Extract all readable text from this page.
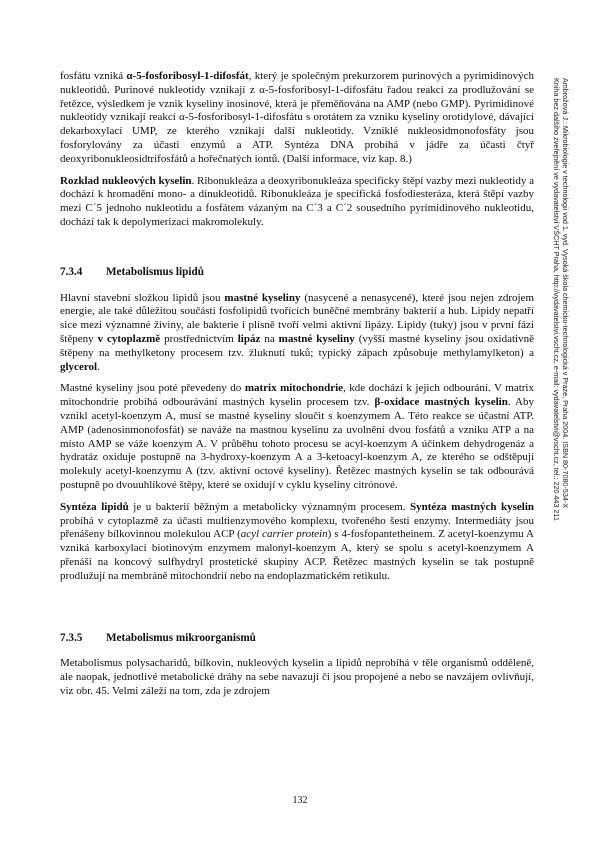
fosfátu vzniká α-5-fosforibosyl-1-difosfát, který je společným prekurzorem purinových a pyrimidinových nukleotidů. Purinové nukleotidy vznikají z α-5-fosforibosyl-1-difosfátu řadou reakcí za prodlužování se řetězce, výsledkem je vznik kyseliny inosinové, která je přeměňována na AMP (nebo GMP). Pyrimidinové nukleotidy vznikají reakcí α-5-fosforibosyl-1-difosfátu s orotátem za vzniku kyseliny orotidylové, dávající dekarboxylací UMP, ze kterého vznikají další nukleotidy. Vzniklé nukleosidmonofosfáty jsou fosforylovány za účasti enzymů a ATP. Syntéza DNA probíhá v jádře za účasti čtyř deoxyribonukleosidtrifosfátů a hořečnatých iontů. (Další informace, viz kap. 8.)

Rozklad nukleových kyselin. Ribonukleáza a deoxyribonukleáza specificky štěpí vazby mezi nukleotidy a dochází k hromadění mono- a dinukleotidů. Ribonukleáza je specifická fosfodiesteráza, která štěpí vazby mezi C´5 jednoho nukleotidu a fosfátem vázaným na C´3 a C´2 sousedního pyrimidinového nukleotidu, dochází tak k depolymerizaci makromolekuly.

7.3.4 Metabolismus lipidů

Hlavní stavební složkou lipidů jsou mastné kyseliny (nasycené a nenasycené), které jsou nejen zdrojem energie, ale také důležitou součástí fosfolipidů tvořících buněčné membrány bakterií a hub. Lipidy nepatří sice mezi významné živiny, ale bakterie i plísně tvoří velmi aktivní lipázy. Lipidy (tuky) jsou v první fázi štěpeny v cytoplazmě prostřednictvím lipáz na mastné kyseliny (vyšší mastné kyseliny jsou oxidativně štěpeny na methylketony procesem tzv. žluknutí tuků; typický zápach způsobuje methylamylketon) a glycerol.

Mastné kyseliny jsou poté převedeny do matrix mitochondrie, kde dochází k jejich odbourání. V matrix mitochondrie probíhá odbourávání mastných kyselin procesem tzv. β-oxidace mastných kyselin. Aby vznikl acetyl-koenzym A, musí se mastné kyseliny sloučit s koenzymem A. Této reakce se účastní ATP. AMP (adenosinmonofosfát) se naváže na mastnou kyselinu za uvolnění dvou fosfátů a vzniku ATP a na místo AMP se váže koenzym A. V průběhu tohoto procesu se acyl-koenzym A účinkem dehydrogenáz a hydratáz oxiduje postupně na 3-hydroxy-koenzym A a 3-ketoacyl-koenzym A, ze kterého se odštěpují molekuly acetyl-koenzymu A (tzv. aktivní octové kyseliny). Řetězec mastných kyselin se tak odbourává postupně po dvouuhlíkové štěpy, které se oxidují v cyklu kyseliny citrónové.

Syntéza lipidů je u bakterií běžným a metabolicky významným procesem. Syntéza mastných kyselin probíhá v cytoplazmě za účasti multienzymového komplexu, tvořeného šesti enzymy. Intermediáty jsou přenášeny bílkovinnou molekulou ACP (acyl carrier protein) s 4-fosfopantetheinem. Z acetyl-koenzymu A vzniká karboxylací biotinovým enzymem malonyl-koenzym A, který se spolu s acetyl-koenzymem A přenáší na koncový sulfhydryl prostetické skupiny ACP. Řetězec mastných kyselin se tak postupně prodlužují na membráně mitochondrií nebo na endoplazmatickém retikulu.

7.3.5 Metabolismus mikroorganismů

Metabolismus polysacharidů, bílkovin, nukleových kyselin a lipidů neprobíhá v těle organismů odděleně, ale naopak, jednotlivé metabolické dráhy na sebe navazují či jsou propojené a nebo se navzájem ovlivňují, viz obr. 45. Velmi záleží na tom, zda je zdrojem

Ambrožová J.: Mikrobiologie v technologii vod 1. vyd. Vysoká škola chemicko-technologická v Praze, Praha 2004. ISBN 80-7080-534-X
Kniha bez dalšího zveřejnění ve vydavatelství VŠCHT Praha, http://vydavatelstvi.vscht.cz, e-mail: vydavatelstvi@vscht.cz, tel.: 220 443 211
132
